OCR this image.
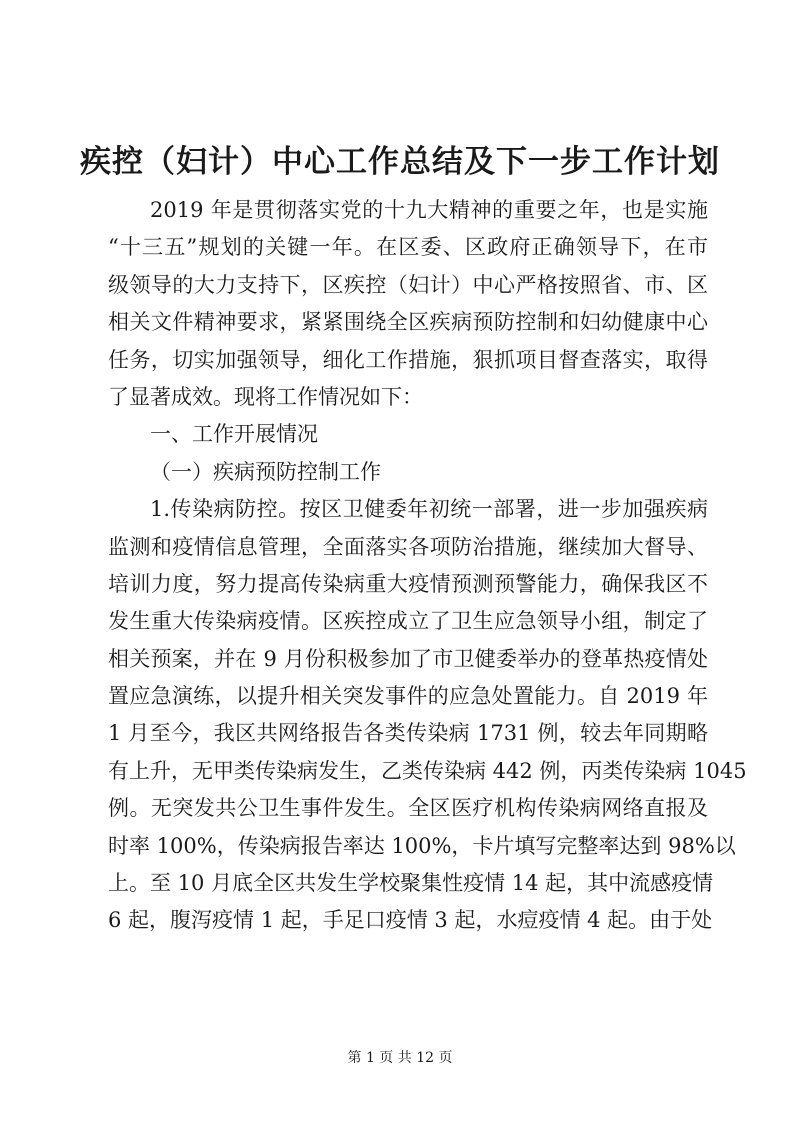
疾控（妇计）中心工作总结及下一步工作计划
2019 年是贯彻落实党的十九大精神的重要之年，也是实施
“十三五”规划的关键一年。在区委、区政府正确领导下，在市
级领导的大力支持下，区疾控（妇计）中心严格按照省、市、区
相关文件精神要求，紧紧围绕全区疾病预防控制和妇幼健康中心
任务，切实加强领导，细化工作措施，狠抓项目督查落实，取得
了显著成效。现将工作情况如下：
一、工作开展情况
（一）疾病预防控制工作
1.传染病防控。按区卫健委年初统一部署，进一步加强疾病
监测和疫情信息管理，全面落实各项防治措施，继续加大督导、
培训力度，努力提高传染病重大疫情预测预警能力，确保我区不
发生重大传染病疫情。区疾控成立了卫生应急领导小组，制定了
相关预案，并在 9 月份积极参加了市卫健委举办的登革热疫情处
置应急演练，以提升相关突发事件的应急处置能力。自 2019 年
1 月至今，我区共网络报告各类传染病 1731 例，较去年同期略
有上升，无甲类传染病发生，乙类传染病 442 例，丙类传染病 1045
例。无突发共公卫生事件发生。全区医疗机构传染病网络直报及
时率 100%，传染病报告率达 100%，卡片填写完整率达到 98%以
上。至 10 月底全区共发生学校聚集性疫情 14 起，其中流感疫情
6 起，腹泻疫情 1 起，手足口疫情 3 起，水痘疫情 4 起。由于处
第 1 页 共 12 页
